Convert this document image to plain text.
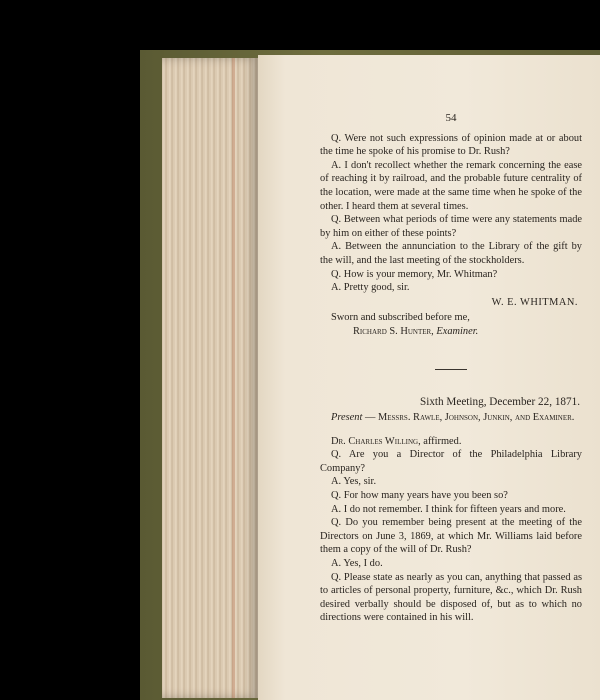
54

Q. Were not such expressions of opinion made at or about the time he spoke of his promise to Dr. Rush?

A. I don't recollect whether the remark concerning the ease of reaching it by railroad, and the probable future centrality of the location, were made at the same time when he spoke of the other. I heard them at several times.

Q. Between what periods of time were any statements made by him on either of these points?

A. Between the annunciation to the Library of the gift by the will, and the last meeting of the stockholders.

Q. How is your memory, Mr. Whitman?

A. Pretty good, sir.

W. E. WHITMAN.
Sworn and subscribed before me,
Richard S. Hunter, Examiner.
Sixth Meeting, December 22, 1871.

Present — Messrs. Rawle, Johnson, Junkin, and Examiner.

Dr. Charles Willing, affirmed.

Q. Are you a Director of the Philadelphia Library Company?

A. Yes, sir.

Q. For how many years have you been so?

A. I do not remember. I think for fifteen years and more.

Q. Do you remember being present at the meeting of the Directors on June 3, 1869, at which Mr. Williams laid before them a copy of the will of Dr. Rush?

A. Yes, I do.

Q. Please state as nearly as you can, anything that passed as to articles of personal property, furniture, &c., which Dr. Rush desired verbally should be disposed of, but as to which no directions were contained in his will.
